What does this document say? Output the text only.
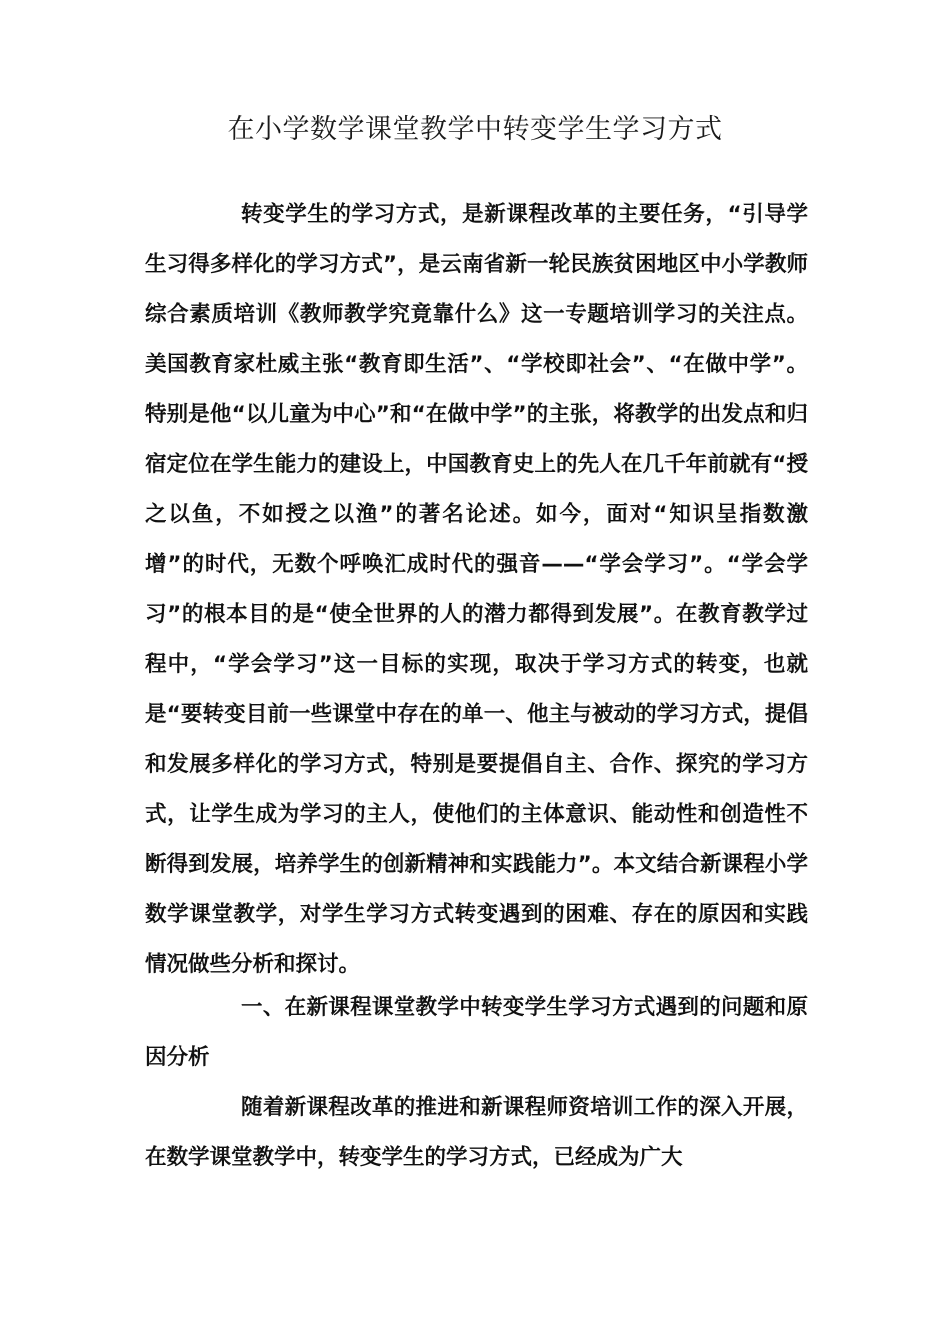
在小学数学课堂教学中转变学生学习方式

转变学生的学习方式，是新课程改革的主要任务，“引导学生习得多样化的学习方式”，是云南省新一轮民族贫困地区中小学教师综合素质培训《教师教学究竟靠什么》这一专题培训学习的关注点。美国教育家杜威主张“教育即生活”、“学校即社会”、“在做中学”。特别是他“以儿童为中心”和“在做中学”的主张，将教学的出发点和归宿定位在学生能力的建设上，中国教育史上的先人在几千年前就有“授之以鱼，不如授之以渔”的著名论述。如今，面对“知识呈指数激增”的时代，无数个呼唤汇成时代的强音——“学会学习”。“学会学习”的根本目的是“使全世界的人的潜力都得到发展”。在教育教学过程中，“学会学习”这一目标的实现，取决于学习方式的转变，也就是“要转变目前一些课堂中存在的单一、他主与被动的学习方式，提倡和发展多样化的学习方式，特别是要提倡自主、合作、探究的学习方式，让学生成为学习的主人，使他们的主体意识、能动性和创造性不断得到发展，培养学生的创新精神和实践能力”。本文结合新课程小学数学课堂教学，对学生学习方式转变遇到的困难、存在的原因和实践情况做些分析和探讨。

一、在新课程课堂教学中转变学生学习方式遇到的问题和原因分析

随着新课程改革的推进和新课程师资培训工作的深入开展，在数学课堂教学中，转变学生的学习方式，已经成为广大
